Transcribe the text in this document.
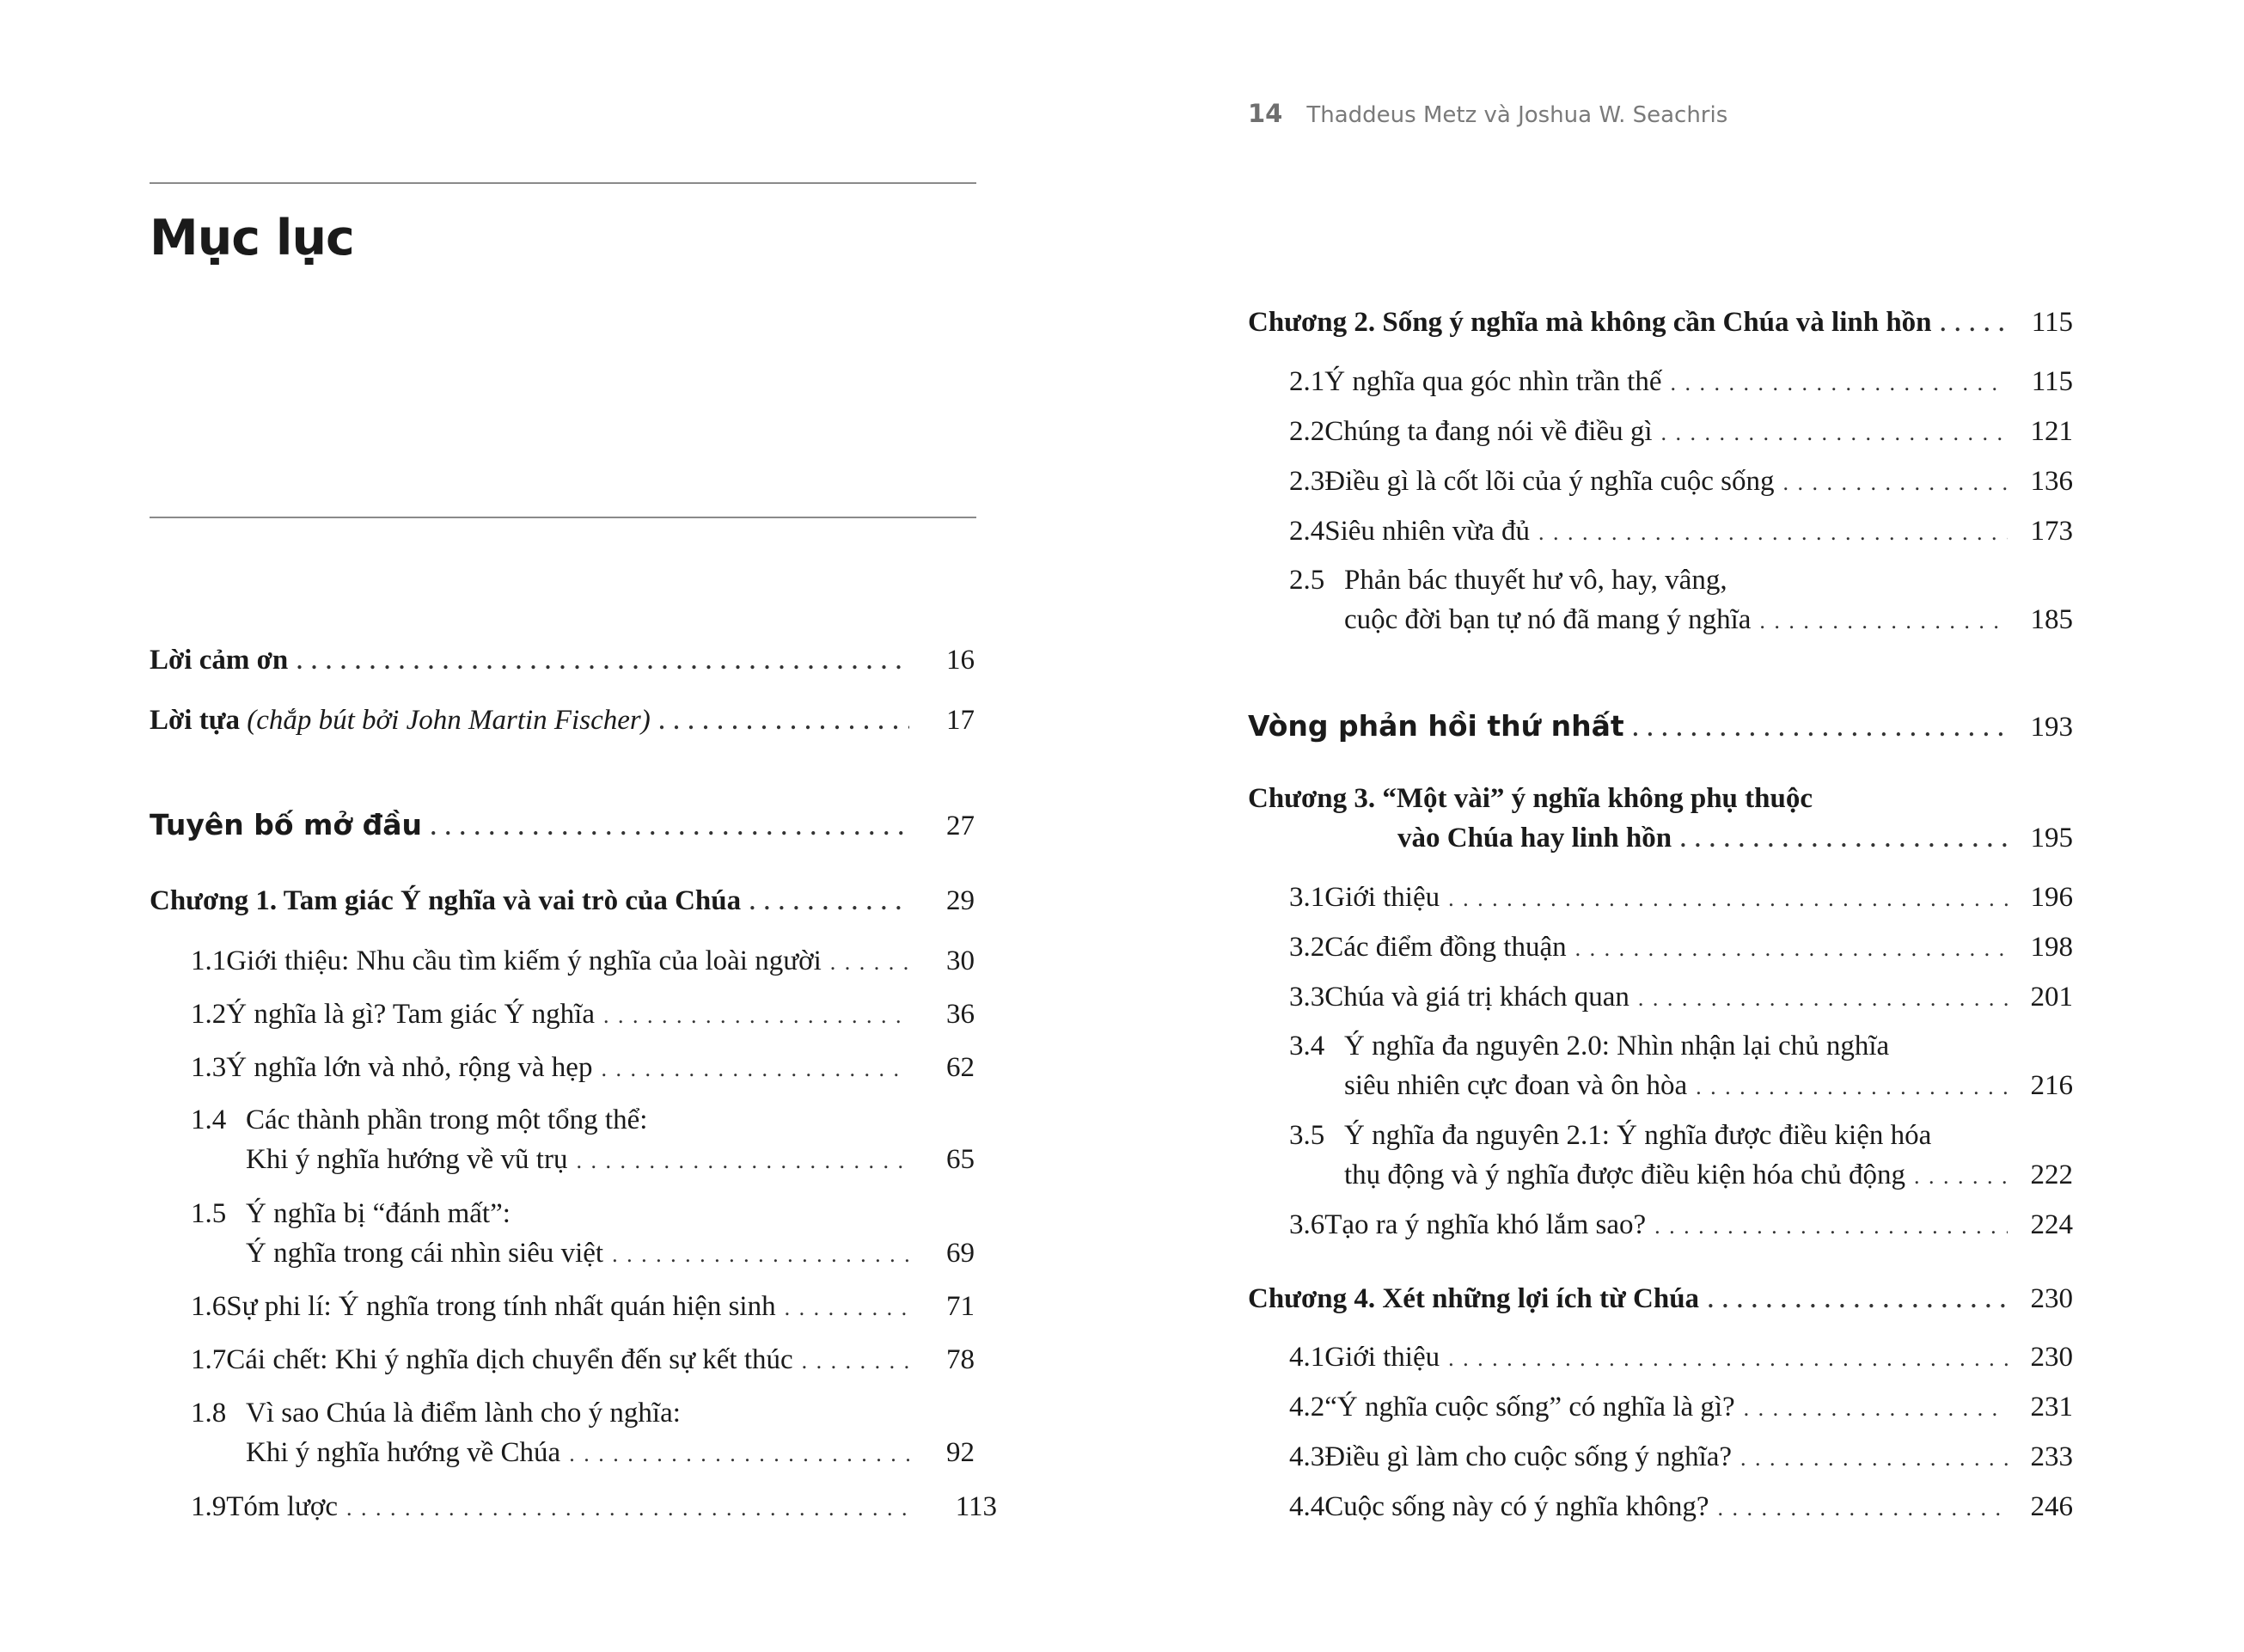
Mục lục
Lời cảm ơn . . .	16
Lời tựa (chắp bút bởi John Martin Fischer) . . .	17
Tuyên bố mở đầu . . .	27
Chương 1. Tam giác Ý nghĩa và vai trò của Chúa . . .	29
1.1 Giới thiệu: Nhu cầu tìm kiếm ý nghĩa của loài người . . .	30
1.2 Ý nghĩa là gì? Tam giác Ý nghĩa . . .	36
1.3 Ý nghĩa lớn và nhỏ, rộng và hẹp . . .	62
1.4 Các thành phần trong một tổng thể:
Khi ý nghĩa hướng về vũ trụ . . .	65
1.5 Ý nghĩa bị “đánh mất”:
Ý nghĩa trong cái nhìn siêu việt . . .	69
1.6 Sự phi lí: Ý nghĩa trong tính nhất quán hiện sinh . . .	71
1.7 Cái chết: Khi ý nghĩa dịch chuyển đến sự kết thúc . . .	78
1.8 Vì sao Chúa là điểm lành cho ý nghĩa:
Khi ý nghĩa hướng về Chúa . . .	92
1.9 Tóm lược . . .	113
14 Thaddeus Metz và Joshua W. Seachris
Chương 2. Sống ý nghĩa mà không cần Chúa và linh hồn . . .	115
2.1 Ý nghĩa qua góc nhìn trần thế . . .	115
2.2 Chúng ta đang nói về điều gì . . .	121
2.3 Điều gì là cốt lõi của ý nghĩa cuộc sống . . .	136
2.4 Siêu nhiên vừa đủ . . .	173
2.5 Phản bác thuyết hư vô, hay, vâng,
cuộc đời bạn tự nó đã mang ý nghĩa . . .	185
Vòng phản hồi thứ nhất . . .	193
Chương 3. “Một vài” ý nghĩa không phụ thuộc
vào Chúa hay linh hồn . . .	195
3.1 Giới thiệu . . .	196
3.2 Các điểm đồng thuận . . .	198
3.3 Chúa và giá trị khách quan . . .	201
3.4 Ý nghĩa đa nguyên 2.0: Nhìn nhận lại chủ nghĩa
siêu nhiên cực đoan và ôn hòa . . .	216
3.5 Ý nghĩa đa nguyên 2.1: Ý nghĩa được điều kiện hóa
thụ động và ý nghĩa được điều kiện hóa chủ động . . .	222
3.6 Tạo ra ý nghĩa khó lắm sao? . . .	224
Chương 4. Xét những lợi ích từ Chúa . . .	230
4.1 Giới thiệu . . .	230
4.2 “Ý nghĩa cuộc sống” có nghĩa là gì? . . .	231
4.3 Điều gì làm cho cuộc sống ý nghĩa? . . .	233
4.4 Cuộc sống này có ý nghĩa không? . . .	246
